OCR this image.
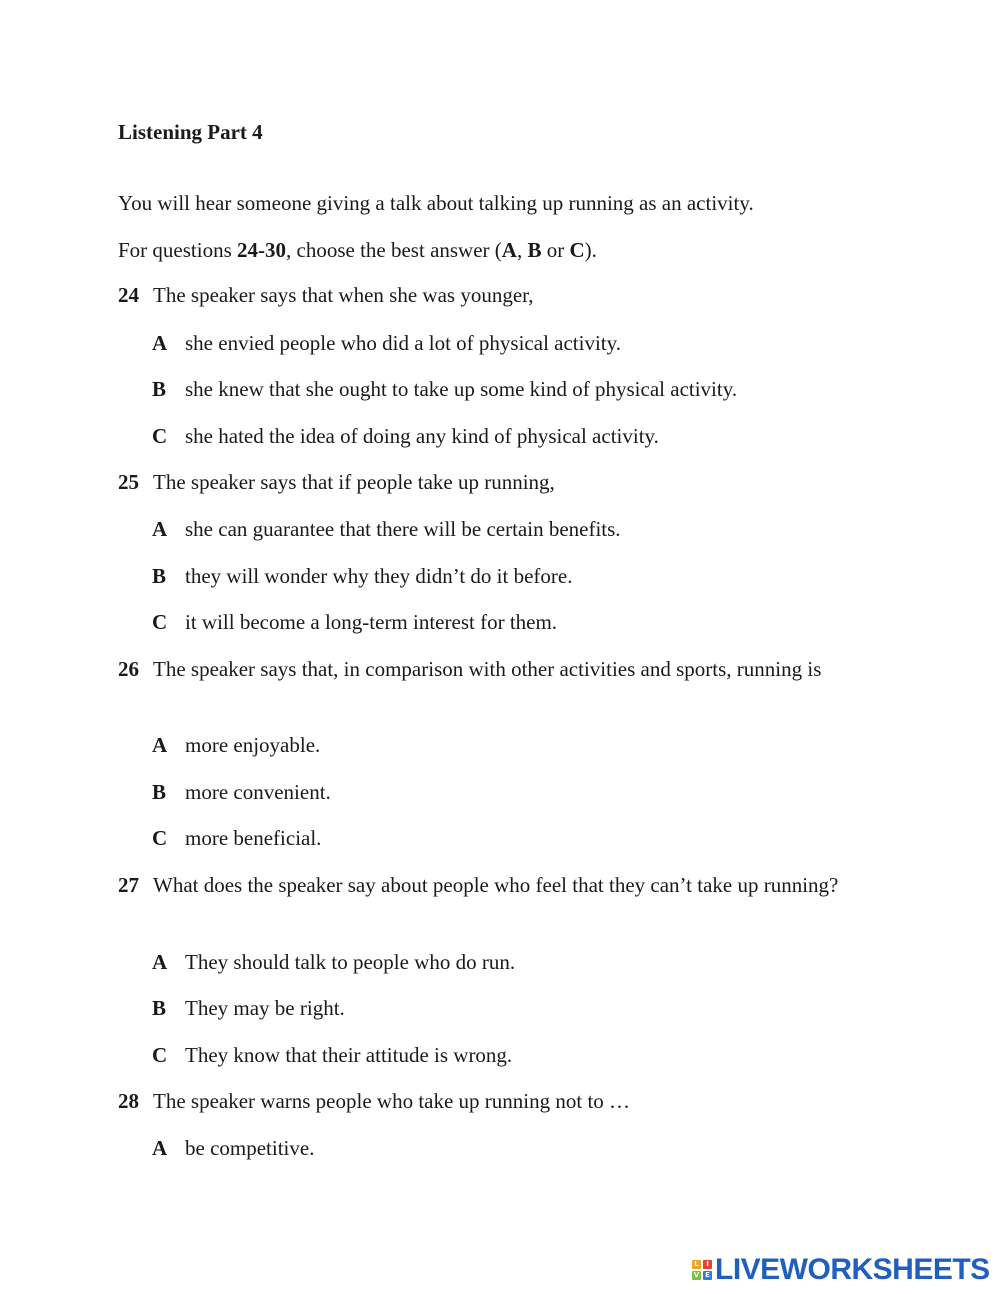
Listening Part 4

You will hear someone giving a talk about talking up running as an activity.

For questions 24-30, choose the best answer (A, B or C).

24 The speaker says that when she was younger,

A she envied people who did a lot of physical activity.

B she knew that she ought to take up some kind of physical activity.

C she hated the idea of doing any kind of physical activity.

25 The speaker says that if people take up running,

A she can guarantee that there will be certain benefits.

B they will wonder why they didn’t do it before.

C it will become a long-term interest for them.

26 The speaker says that, in comparison with other activities and sports, running is

A more enjoyable.

B more convenient.

C more beneficial.

27 What does the speaker say about people who feel that they can’t take up running?

A They should talk to people who do run.

B They may be right.

C They know that their attitude is wrong.

28 The speaker warns people who take up running not to …

A be competitive.

L	I
V E LIVEWORKSHEETS
